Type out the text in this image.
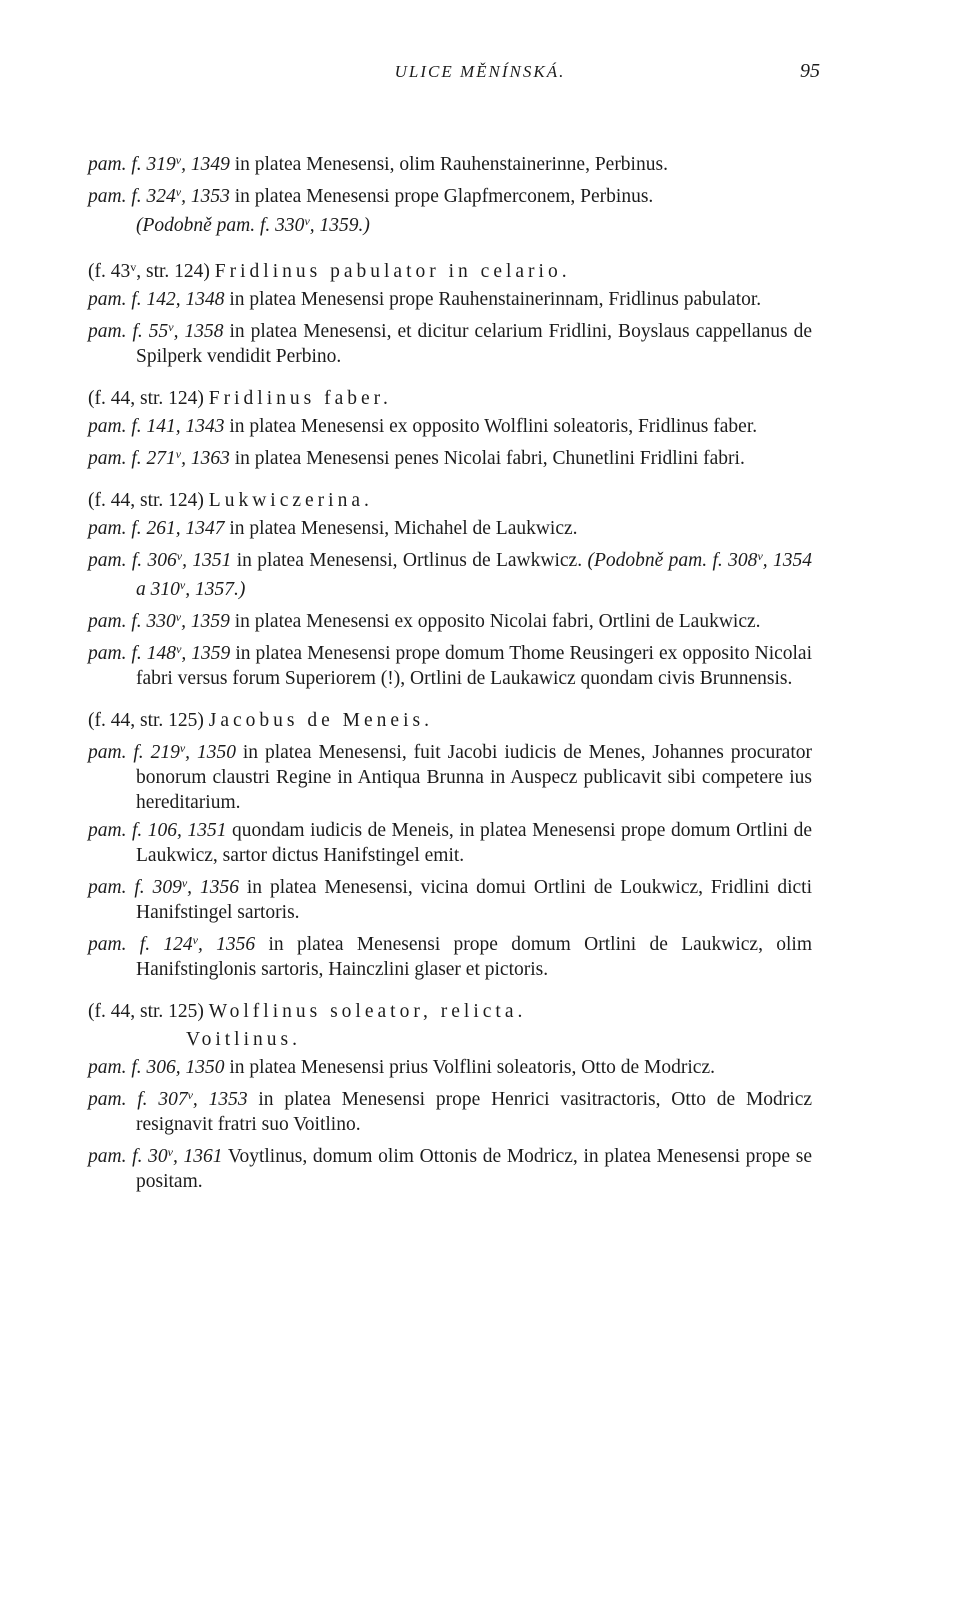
ULICE MĚNÍNSKÁ.	95

pam. f. 319$^v$, 1349 in platea Menesensi, olim Rauhenstainerinne, Perbinus.

pam. f. 324$^v$, 1353 in platea Menesensi prope Glapfmerconem, Perbinus.
(Podobně pam. f. 330$^v$, 1359.)

(f. 43$^v$, str. 124) Fridlinus pabulator in celario.

pam. f. 142, 1348 in platea Menesensi prope Rauhenstainerinnam, Fridlinus pabulator.

pam. f. 55$^v$, 1358 in platea Menesensi, et dicitur celarium Fridlini, Boyslaus cappellanus de Spilperk vendidit Perbino.

(f. 44, str. 124) Fridlinus faber.

pam. f. 141, 1343 in platea Menesensi ex opposito Wolflini soleatoris, Fridlinus faber.

pam. f. 271$^v$, 1363 in platea Menesensi penes Nicolai fabri, Chunetlini Fridlini fabri.

(f. 44, str. 124) Lukwiczerina.

pam. f. 261, 1347 in platea Menesensi, Michahel de Laukwicz.

pam. f. 306$^v$, 1351 in platea Menesensi, Ortlinus de Lawkwicz. (Podobně pam. f. 308$^v$, 1354 a 310$^v$, 1357.)

pam. f. 330$^v$, 1359 in platea Menesensi ex opposito Nicolai fabri, Ortlini de Laukwicz.

pam. f. 148$^v$, 1359 in platea Menesensi prope domum Thome Reusingeri ex opposito Nicolai fabri versus forum Superiorem (!), Ortlini de Laukawicz quondam civis Brunnensis.

(f. 44, str. 125) Jacobus de Meneis.

pam. f. 219$^v$, 1350 in platea Menesensi, fuit Jacobi iudicis de Menes, Johannes procurator bonorum claustri Regine in Antiqua Brunna in Auspecz publicavit sibi competere ius hereditarium.

pam. f. 106, 1351 quondam iudicis de Meneis, in platea Menesensi prope domum Ortlini de Laukwicz, sartor dictus Hanifstingel emit.

pam. f. 309$^v$, 1356 in platea Menesensi, vicina domui Ortlini de Loukwicz, Fridlini dicti Hanifstingel sartoris.

pam. f. 124$^v$, 1356 in platea Menesensi prope domum Ortlini de Laukwicz, olim Hanifstinglonis sartoris, Hainczlini glaser et pictoris.

(f. 44, str. 125) Wolflinus soleator, relicta.

Voitlinus.

pam. f. 306, 1350 in platea Menesensi prius Volflini soleatoris, Otto de Modricz.

pam. f. 307$^v$, 1353 in platea Menesensi prope Henrici vasitractoris, Otto de Modricz resignavit fratri suo Voitlino.

pam. f. 30$^v$, 1361 Voytlinus, domum olim Ottonis de Modricz, in platea Menesensi prope se positam.
